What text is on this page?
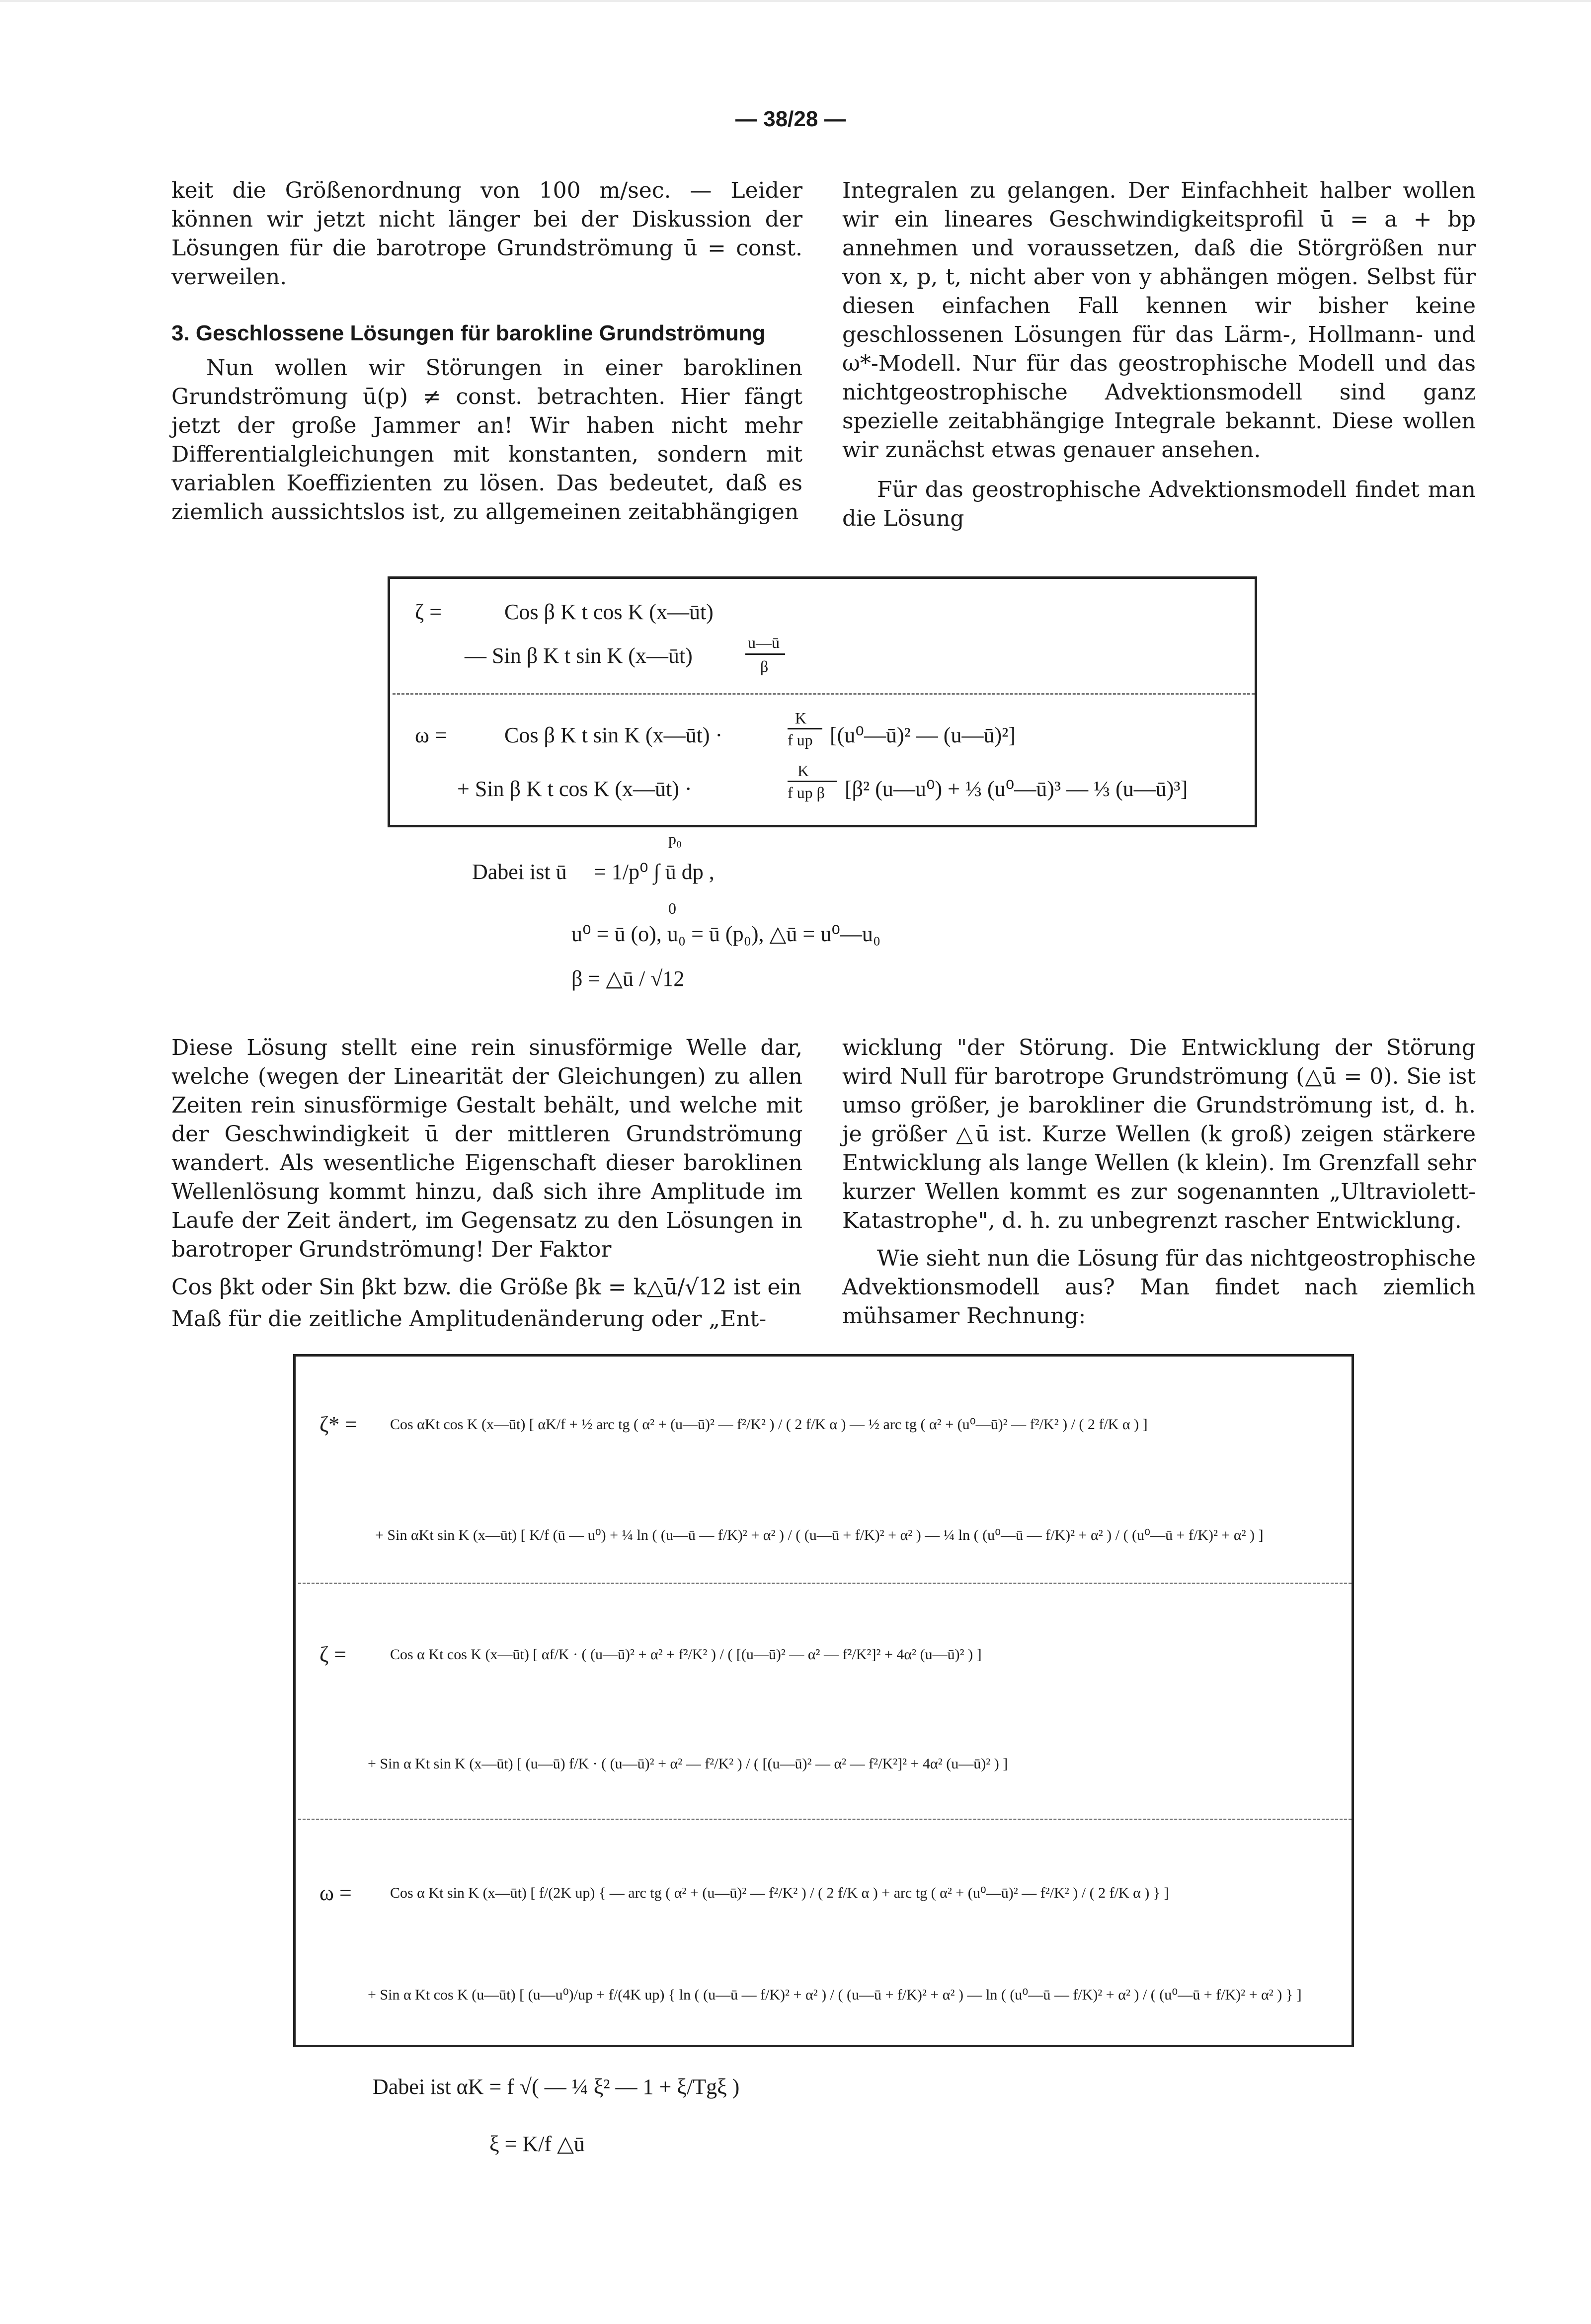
— 38/28 —

keit die Größenordnung von 100 m/sec. — Leider können wir jetzt nicht länger bei der Diskussion der Lösungen für die barotrope Grundströmung ū = const. verweilen.

3. Geschlossene Lösungen für barokline Grundströmung

Nun wollen wir Störungen in einer baroklinen Grundströmung ū(p) ≠ const. betrachten. Hier fängt jetzt der große Jammer an! Wir haben nicht mehr Differentialgleichungen mit konstanten, sondern mit variablen Koeffizienten zu lösen. Das bedeutet, daß es ziemlich aussichtslos ist, zu allgemeinen zeitabhängigen

Integralen zu gelangen. Der Einfachheit halber wollen wir ein lineares Geschwindigkeitsprofil ū = a + bp annehmen und voraussetzen, daß die Störgrößen nur von x, p, t, nicht aber von y abhängen mögen. Selbst für diesen einfachen Fall kennen wir bisher keine geschlossenen Lösungen für das Lärm-, Hollmann- und ω*-Modell. Nur für das geostrophische Modell und das nichtgeostrophische Advektionsmodell sind ganz spezielle zeitabhängige Integrale bekannt. Diese wollen wir zunächst etwas genauer ansehen.

Für das geostrophische Advektionsmodell findet man die Lösung

ζ =	Cos β K t cos K (x—ūt)
— Sin β K t sin K (x—ūt)
u—ū
β
ω =	Cos β K t sin K (x—ūt) ·
K
f up [(u⁰—ū)² — (u—ū)²]
+ Sin β K t cos K (x—ūt) ·
K
f up β [β² (u—u⁰) + ⅓ (u⁰—ū)³ — ⅓ (u—ū)³]
Dabei ist ū
p₀
= 1/p⁰ ∫ ū dp ,
0
u⁰ = ū (o), u₀ = ū (p₀), △ū = u⁰—u₀
β = △ū / √12

Diese Lösung stellt eine rein sinusförmige Welle dar, welche (wegen der Linearität der Gleichungen) zu allen Zeiten rein sinusförmige Gestalt behält, und welche mit der Geschwindigkeit ū der mittleren Grundströmung wandert. Als wesentliche Eigenschaft dieser baroklinen Wellenlösung kommt hinzu, daß sich ihre Amplitude im Laufe der Zeit ändert, im Gegensatz zu den Lösungen in barotroper Grundströmung! Der Faktor

Cos βkt oder Sin βkt bzw. die Größe βk = k△ū/√12 ist ein

Maß für die zeitliche Amplitudenänderung oder „Ent-

wicklung "der Störung. Die Entwicklung der Störung wird Null für barotrope Grundströmung (△ū = 0). Sie ist umso größer, je barokliner die Grundströmung ist, d. h. je größer △ū ist. Kurze Wellen (k groß) zeigen stärkere Entwicklung als lange Wellen (k klein). Im Grenzfall sehr kurzer Wellen kommt es zur sogenannten „Ultraviolett-Katastrophe", d. h. zu unbegrenzt rascher Entwicklung.

Wie sieht nun die Lösung für das nichtgeostrophische Advektionsmodell aus? Man findet nach ziemlich mühsamer Rechnung:

ζ* = Cos αKt cos K (x—ūt) [ αK/f + ½ arc tg ( α² + (u—ū)² — f²/K² ) / ( 2 f/K α ) — ½ arc tg ( α² + (u⁰—ū)² — f²/K² ) / ( 2 f/K α ) ]
+ Sin αKt sin K (x—ūt) [ K/f (ū — u⁰) + ¼ ln ( (u—ū — f/K)² + α² ) / ( (u—ū + f/K)² + α² ) — ¼ ln ( (u⁰—ū — f/K)² + α² ) / ( (u⁰—ū + f/K)² + α² ) ]
ζ =	Cos α Kt cos K (x—ūt) [ αf/K · ( (u—ū)² + α² + f²/K² ) / ( [(u—ū)² — α² — f²/K²]² + 4α² (u—ū)² ) ]
+ Sin α Kt sin K (x—ūt) [ (u—ū) f/K · ( (u—ū)² + α² — f²/K² ) / ( [(u—ū)² — α² — f²/K²]² + 4α² (u—ū)² ) ]
ω =	Cos α Kt sin K (x—ūt) [ f/(2K up) { — arc tg ( α² + (u—ū)² — f²/K² ) / ( 2 f/K α ) + arc tg ( α² + (u⁰—ū)² — f²/K² ) / ( 2 f/K α ) } ]
+ Sin α Kt cos K (u—ūt) [ (u—u⁰)/up + f/(4K up) { ln ( (u—ū — f/K)² + α² ) / ( (u—ū + f/K)² + α² ) — ln ( (u⁰—ū — f/K)² + α² ) / ( (u⁰—ū + f/K)² + α² ) } ]
Dabei ist αK = f √( — ¼ ξ² — 1 + ξ/Tgξ )
ξ = K/f △ū
